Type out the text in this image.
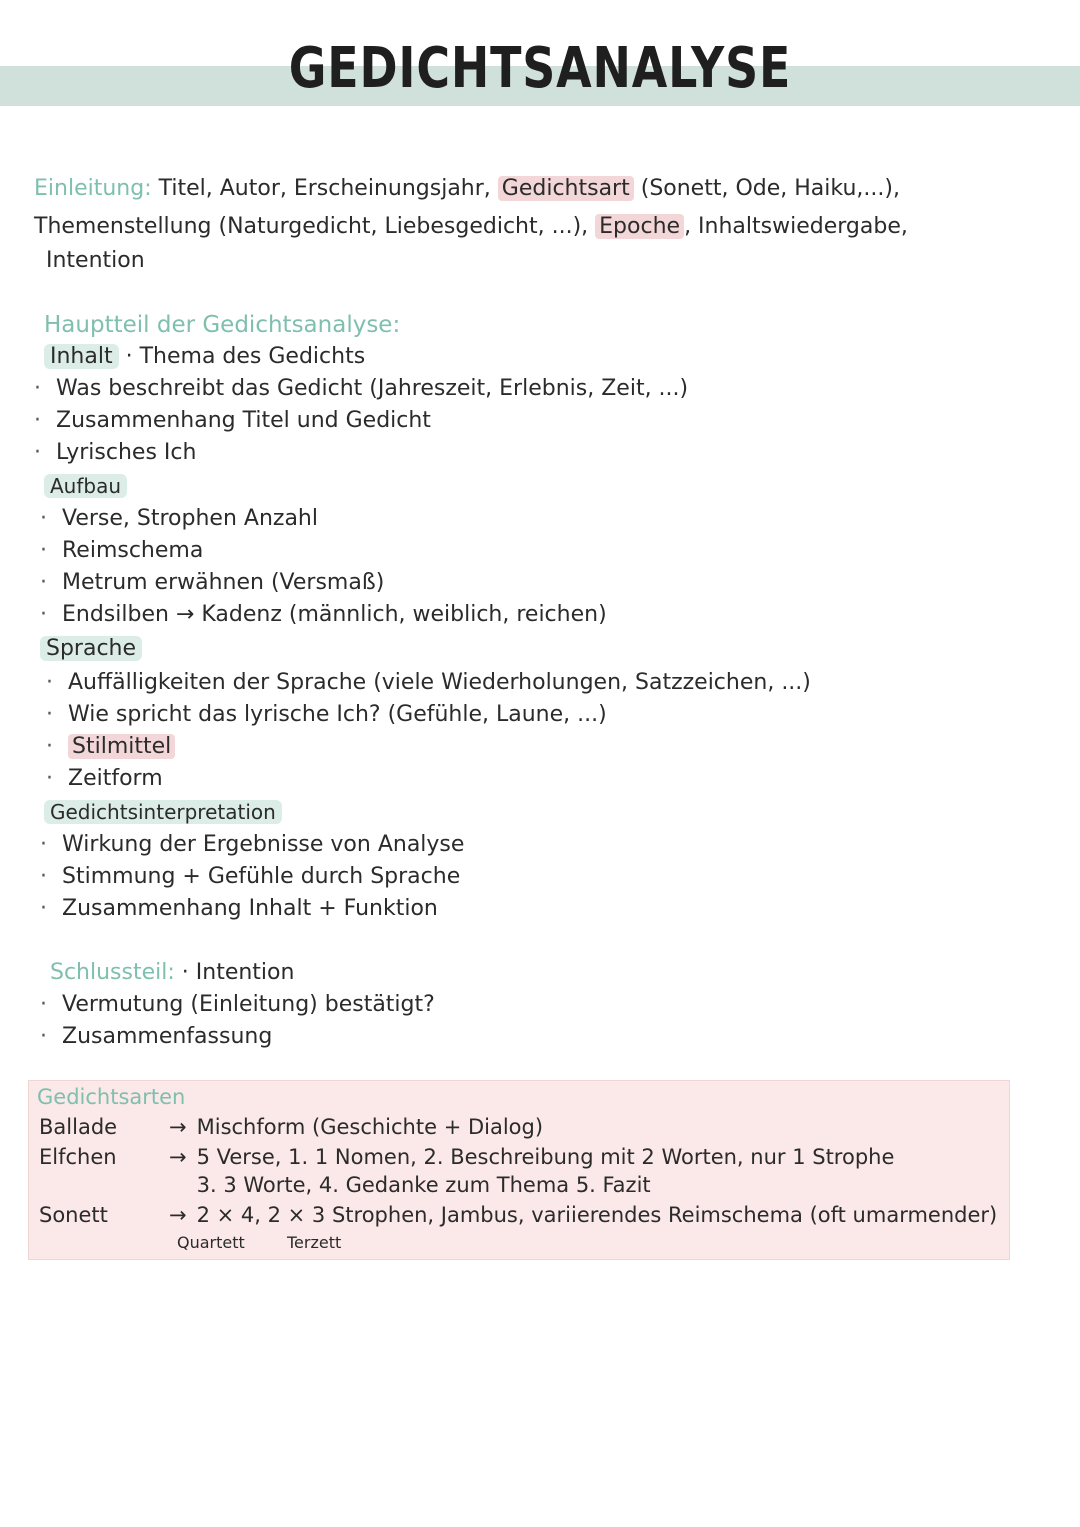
GEDICHTSANALYSE
Einleitung: Titel, Autor, Erscheinungsjahr, Gedichtsart (Sonett, Ode, Haiku,...),
Themenstellung (Naturgedicht, Liebesgedicht, ...), Epoche , Inhaltswiedergabe,
Intention
Hauptteil der Gedichtsanalyse:
Inhalt · Thema des Gedichts
· Was beschreibt das Gedicht (Jahreszeit, Erlebnis, Zeit, ...)
· Zusammenhang Titel und Gedicht
· Lyrisches Ich
Aufbau
· Verse, Strophen Anzahl
· Reimschema
· Metrum erwähnen (Versmaß)
· Endsilben → Kadenz (männlich, weiblich, reichen)
Sprache
· Auffälligkeiten der Sprache (viele Wiederholungen, Satzzeichen, ...)
· Wie spricht das lyrische Ich? (Gefühle, Laune, ...)
· Stilmittel
· Zeitform
Gedichtsinterpretation
· Wirkung der Ergebnisse von Analyse
· Stimmung + Gefühle durch Sprache
· Zusammenhang Inhalt + Funktion
Schlussteil: · Intention
· Vermutung (Einleitung) bestätigt?
· Zusammenfassung
Gedichtsarten
Ballade → Mischform (Geschichte + Dialog)
Elfchen → 5 Verse, 1. 1 Nomen, 2. Beschreibung mit 2 Worten, nur 1 Strophe
3. 3 Worte, 4. Gedanke zum Thema 5. Fazit
Sonett	→ 2 × 4, 2 × 3 Strophen, Jambus, variierendes Reimschema (oft umarmender)
Quartett	Terzett
